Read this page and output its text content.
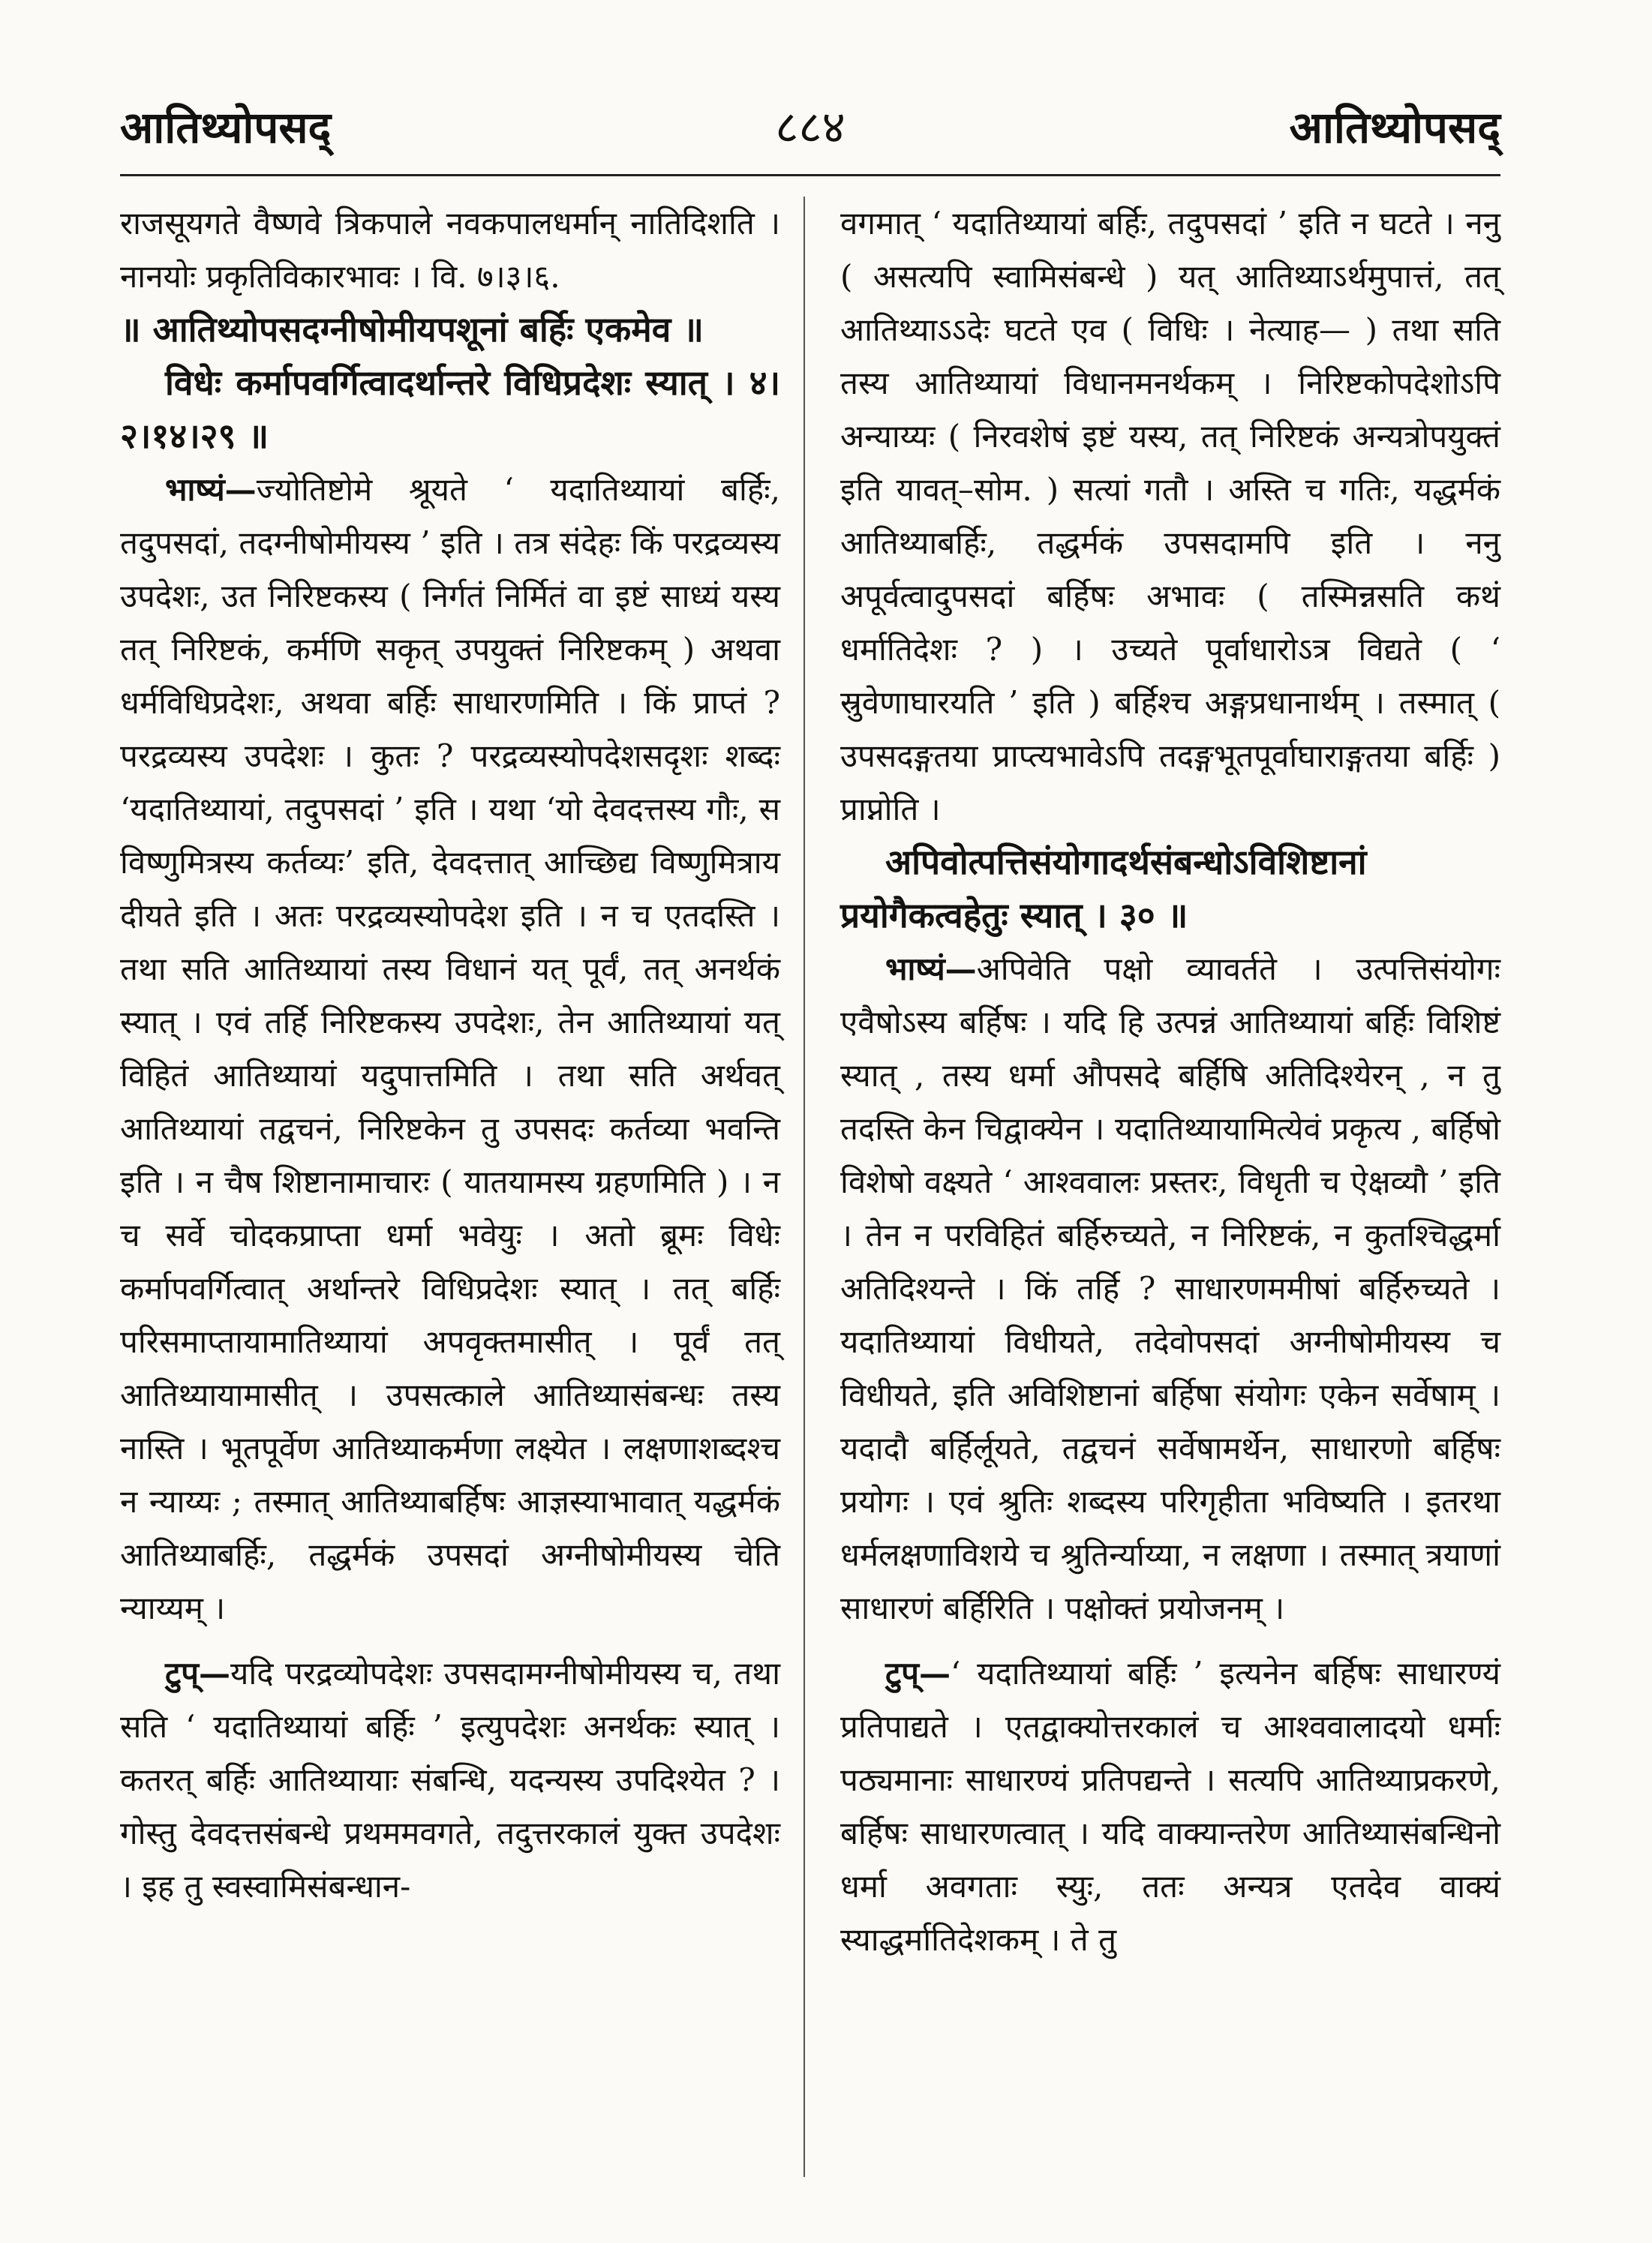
आतिथ्योपसद्	८८४	आतिथ्योपसद्

राजसूयगते वैष्णवे त्रिकपाले नवकपालधर्मान् नातिदिशति । नानयोः प्रकृतिविकारभावः । वि. ७।३।६.

॥ आतिथ्योपसदग्नीषोमीयपशूनां बर्हिः एकमेव ॥

विधेः कर्मापवर्गित्वादर्थान्तरे विधिप्रदेशः स्यात् । ४।२।१४।२९ ॥

भाष्यं—ज्योतिष्टोमे श्रूयते ‘ यदातिथ्यायां बर्हिः, तदुपसदां, तदग्नीषोमीयस्य ’ इति । तत्र संदेहः किं परद्रव्यस्य उपदेशः, उत निरिष्टकस्य ( निर्गतं निर्मितं वा इष्टं साध्यं यस्य तत् निरिष्टकं, कर्मणि सकृत् उपयुक्तं निरिष्टकम् ) अथवा धर्मविधिप्रदेशः, अथवा बर्हिः साधारणमिति । किं प्राप्तं ? परद्रव्यस्य उपदेशः । कुतः ? परद्रव्यस्योपदेशसदृशः शब्दः ‘यदातिथ्यायां, तदुपसदां ’ इति । यथा ‘यो देवदत्तस्य गौः, स विष्णुमित्रस्य कर्तव्यः’ इति, देवदत्तात् आच्छिद्य विष्णुमित्राय दीयते इति । अतः परद्रव्यस्योपदेश इति । न च एतदस्ति । तथा सति आतिथ्यायां तस्य विधानं यत् पूर्वं, तत् अनर्थकं स्यात् । एवं तर्हि निरिष्टकस्य उपदेशः, तेन आतिथ्यायां यत् विहितं आतिथ्यायां यदुपात्तमिति । तथा सति अर्थवत् आतिथ्यायां तद्वचनं, निरिष्टकेन तु उपसदः कर्तव्या भवन्ति इति । न चैष शिष्टानामाचारः ( यातयामस्य ग्रहणमिति ) । न च सर्वे चोदकप्राप्ता धर्मा भवेयुः । अतो ब्रूमः विधेः कर्मापवर्गित्वात् अर्थान्तरे विधिप्रदेशः स्यात् । तत् बर्हिः परिसमाप्तायामातिथ्यायां अपवृक्तमासीत् । पूर्वं तत् आतिथ्यायामासीत् । उपसत्काले आतिथ्यासंबन्धः तस्य नास्ति । भूतपूर्वेण आतिथ्याकर्मणा लक्ष्येत । लक्षणाशब्दश्च न न्याय्यः ; तस्मात् आतिथ्याबर्हिषः आज्ञस्याभावात् यद्धर्मकं आतिथ्याबर्हिः, तद्धर्मकं उपसदां अग्नीषोमीयस्य चेति न्याय्यम् ।

टुप्—यदि परद्रव्योपदेशः उपसदामग्नीषोमीयस्य च, तथा सति ‘ यदातिथ्यायां बर्हिः ’ इत्युपदेशः अनर्थकः स्यात् । कतरत् बर्हिः आतिथ्यायाः संबन्धि, यदन्यस्य उपदिश्येत ? । गोस्तु देवदत्तसंबन्धे प्रथममवगते, तदुत्तरकालं युक्त उपदेशः । इह तु स्वस्वामिसंबन्धान-

वगमात् ‘ यदातिथ्यायां बर्हिः, तदुपसदां ’ इति न घटते । ननु ( असत्यपि स्वामिसंबन्धे ) यत् आतिथ्याऽर्थमुपात्तं, तत् आतिथ्याऽऽदेः घटते एव ( विधिः । नेत्याह— ) तथा सति तस्य आतिथ्यायां विधानमनर्थकम् । निरिष्टकोपदेशोऽपि अन्याय्यः ( निरवशेषं इष्टं यस्य, तत् निरिष्टकं अन्यत्रोपयुक्तं इति यावत्–सोम. ) सत्यां गतौ । अस्ति च गतिः, यद्धर्मकं आतिथ्याबर्हिः, तद्धर्मकं उपसदामपि इति । ननु अपूर्वत्वादुपसदां बर्हिषः अभावः ( तस्मिन्नसति कथं धर्मातिदेशः ? ) । उच्यते पूर्वाधारोऽत्र विद्यते ( ‘ स्रुवेणाघारयति ’ इति ) बर्हिश्च अङ्गप्रधानार्थम् । तस्मात् ( उपसदङ्गतया प्राप्त्यभावेऽपि तदङ्गभूतपूर्वाघाराङ्गतया बर्हिः ) प्राप्नोति ।

अपिवोत्पत्तिसंयोगादर्थसंबन्धोऽविशिष्टानां प्रयोगैकत्वहेतुः स्यात् । ३० ॥

भाष्यं—अपिवेति पक्षो व्यावर्तते । उत्पत्तिसंयोगः एवैषोऽस्य बर्हिषः । यदि हि उत्पन्नं आतिथ्यायां बर्हिः विशिष्टं स्यात् , तस्य धर्मा औपसदे बर्हिषि अतिदिश्येरन् , न तु तदस्ति केन चिद्वाक्येन । यदातिथ्यायामित्येवं प्रकृत्य , बर्हिषो विशेषो वक्ष्यते ‘ आश्ववालः प्रस्तरः, विधृती च ऐक्षव्यौ ’ इति । तेन न परविहितं बर्हिरुच्यते, न निरिष्टकं, न कुतश्चिद्धर्मा अतिदिश्यन्ते । किं तर्हि ? साधारणममीषां बर्हिरुच्यते । यदातिथ्यायां विधीयते, तदेवोपसदां अग्नीषोमीयस्य च विधीयते, इति अविशिष्टानां बर्हिषा संयोगः एकेन सर्वेषाम् । यदादौ बर्हिर्लूयते, तद्वचनं सर्वेषामर्थेन, साधारणो बर्हिषः प्रयोगः । एवं श्रुतिः शब्दस्य परिगृहीता भविष्यति । इतरथा धर्मलक्षणाविशये च श्रुतिर्न्याय्या, न लक्षणा । तस्मात् त्रयाणां साधारणं बर्हिरिति । पक्षोक्तं प्रयोजनम् ।

टुप्—‘ यदातिथ्यायां बर्हिः ’ इत्यनेन बर्हिषः साधारण्यं प्रतिपाद्यते । एतद्वाक्योत्तरकालं च आश्ववालादयो धर्माः पठ्यमानाः साधारण्यं प्रतिपद्यन्ते । सत्यपि आतिथ्याप्रकरणे, बर्हिषः साधारणत्वात् । यदि वाक्यान्तरेण आतिथ्यासंबन्धिनो धर्मा अवगताः स्युः, ततः अन्यत्र एतदेव वाक्यं स्याद्धर्मातिदेशकम् । ते तु
